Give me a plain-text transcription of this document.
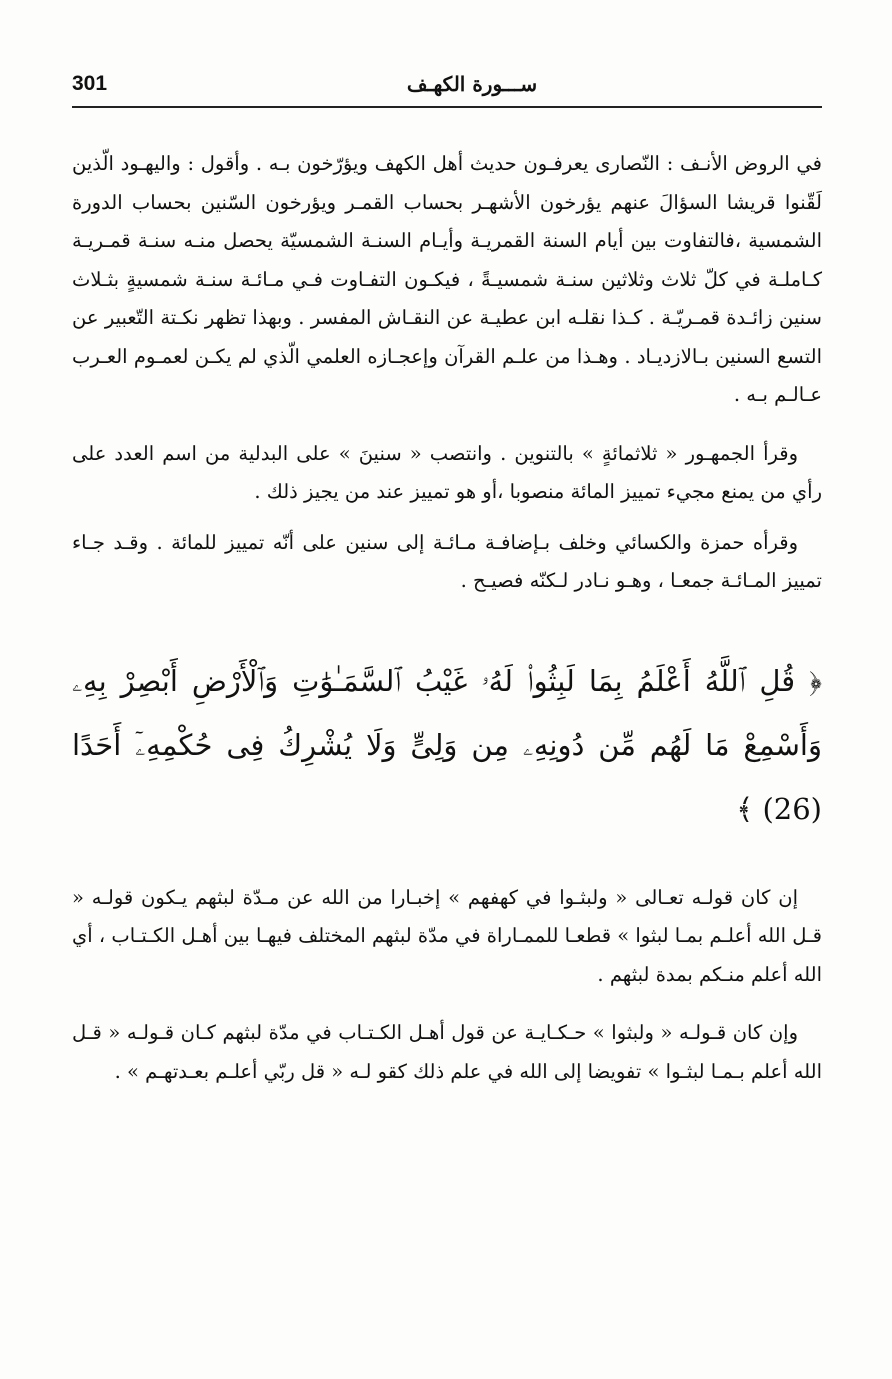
301	ســـورة الكهـف

في الروض الأنـف : النّصارى يعرفـون حديث أهل الكهف ويؤرّخون بـه . وأقول : واليهـود الّذين لَقّنوا قريشا السؤالَ عنهم يؤرخون الأشهـر بحساب القمـر ويؤرخون السّنين بحساب الدورة الشمسية ،فالتفاوت بين أيام السنة القمريـة وأيـام السنـة الشمسيّة يحصل منـه سنـة قمـريـة كـاملـة في كلّ ثلاث وثلاثين سنـة شمسيـةً ، فيكـون التفـاوت فـي مـائـة سنـة شمسيةٍ بثـلاث سنين زائـدة قمـريّـة . كـذا نقلـه ابن عطيـة عن النقـاش المفسر . وبهذا تظهر نكـتة التّعبير عن التسع السنين بـالازديـاد . وهـذا من علـم القرآن وإعجـازه العلمي الّذي لم يكـن لعمـوم العـرب عـالـم بـه .

وقرأ الجمهـور « ثلاثمائةٍ » بالتنوين . وانتصب « سنينَ » على البدلية من اسم العدد على رأي من يمنع مجيء تمييز المائة منصوبا ،أو هو تمييز عند من يجيز ذلك .

وقرأه حمزة والكسائي وخلف بـإضافـة مـائـة إلى سنين على أنّه تمييز للمائة . وقـد جـاء تمييز المـائـة جمعـا ، وهـو نـادر لـكنّه فصيـح .

﴿ قُلِ ٱللَّهُ أَعْلَمُ بِمَا لَبِثُوا۟ لَهُۥ غَيْبُ ٱلسَّمَـٰوَٰتِ وَٱلْأَرْضِ أَبْصِرْ بِهِۦ وَأَسْمِعْ مَا لَهُم مِّن دُونِهِۦ مِن وَلِىٍّ وَلَا يُشْرِكُ فِى حُكْمِهِۦٓ أَحَدًا (26) ﴾

إن كان قولـه تعـالى « ولبثـوا في كهفهم » إخبـارا من الله عن مـدّة لبثهم يـكون قولـه « قـل الله أعلـم بمـا لبثوا » قطعـا للممـاراة في مدّة لبثهم المختلف فيهـا بين أهـل الكـتـاب ، أي الله أعلم منـكم بمدة لبثهم .

وإن كان قـولـه « ولبثوا » حـكـايـة عن قول أهـل الكـتـاب في مدّة لبثهم كـان قـولـه « قـل الله أعلم بـمـا لبثـوا » تفويضا إلى الله في علم ذلك كقو لـه « قل ربّي أعلـم بعـدتهـم » .
